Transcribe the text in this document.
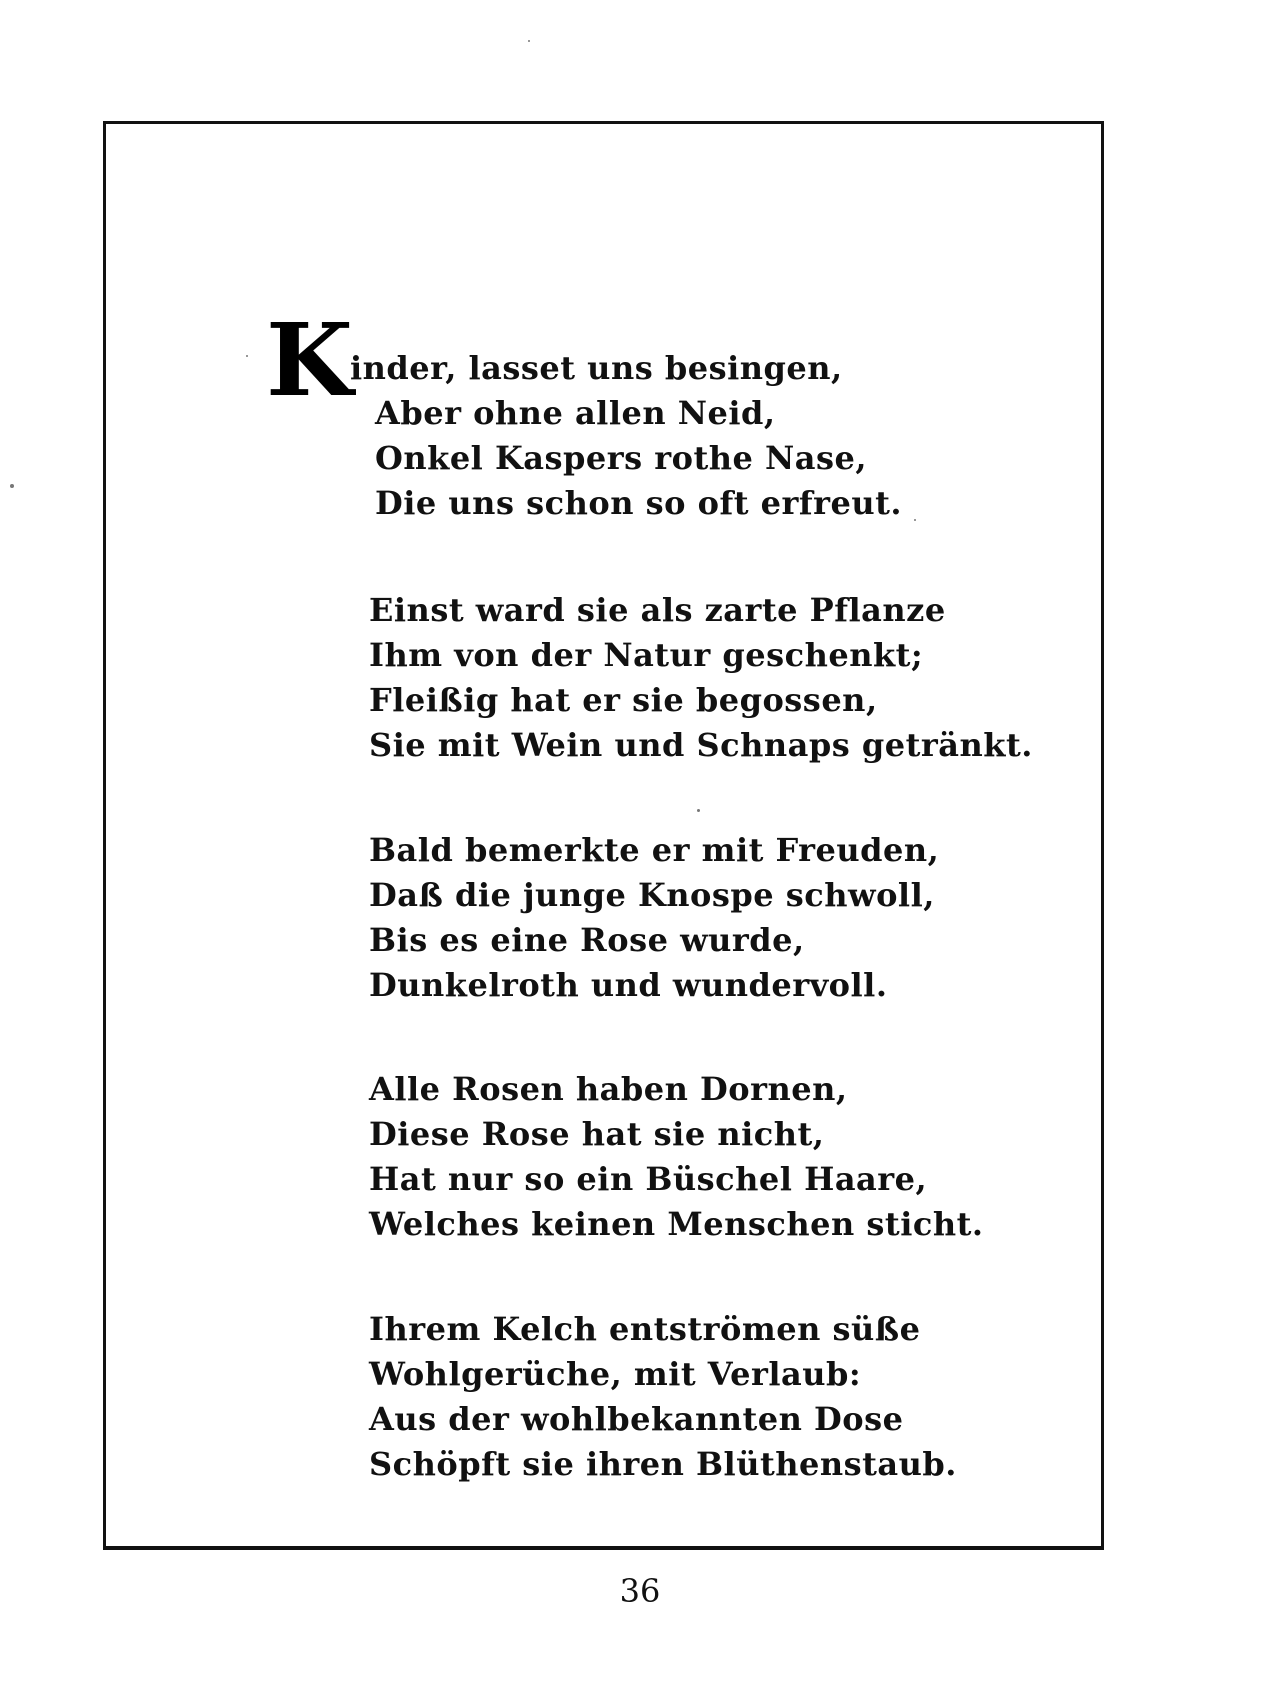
K
inder, lasset uns besingen,
Aber ohne allen Neid,
Onkel Kaspers rothe Nase,
Die uns schon so oft erfreut.
Einst ward sie als zarte Pflanze
Ihm von der Natur geschenkt;
Fleißig hat er sie begossen,
Sie mit Wein und Schnaps getränkt.
Bald bemerkte er mit Freuden,
Daß die junge Knospe schwoll,
Bis es eine Rose wurde,
Dunkelroth und wundervoll.
Alle Rosen haben Dornen,
Diese Rose hat sie nicht,
Hat nur so ein Büschel Haare,
Welches keinen Menschen sticht.
Ihrem Kelch entströmen süße
Wohlgerüche, mit Verlaub:
Aus der wohlbekannten Dose
Schöpft sie ihren Blüthenstaub.
36
